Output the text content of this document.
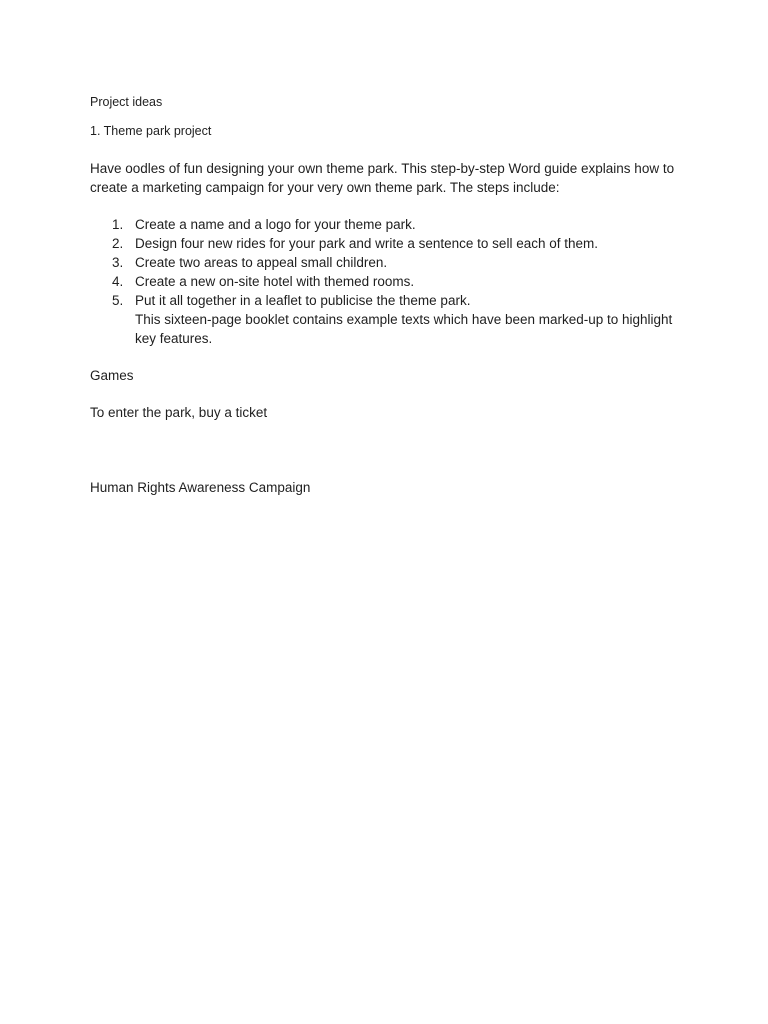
Project ideas

1. Theme park project

Have oodles of fun designing your own theme park. This step-by-step Word guide explains how to create a marketing campaign for your very own theme park. The steps include:

1. Create a name and a logo for your theme park.
2. Design four new rides for your park and write a sentence to sell each of them.
3. Create two areas to appeal small children.
4. Create a new on-site hotel with themed rooms.
5. Put it all together in a leaflet to publicise the theme park.
This sixteen-page booklet contains example texts which have been marked-up to highlight key features.

Games

To enter the park, buy a ticket

Human Rights Awareness Campaign
